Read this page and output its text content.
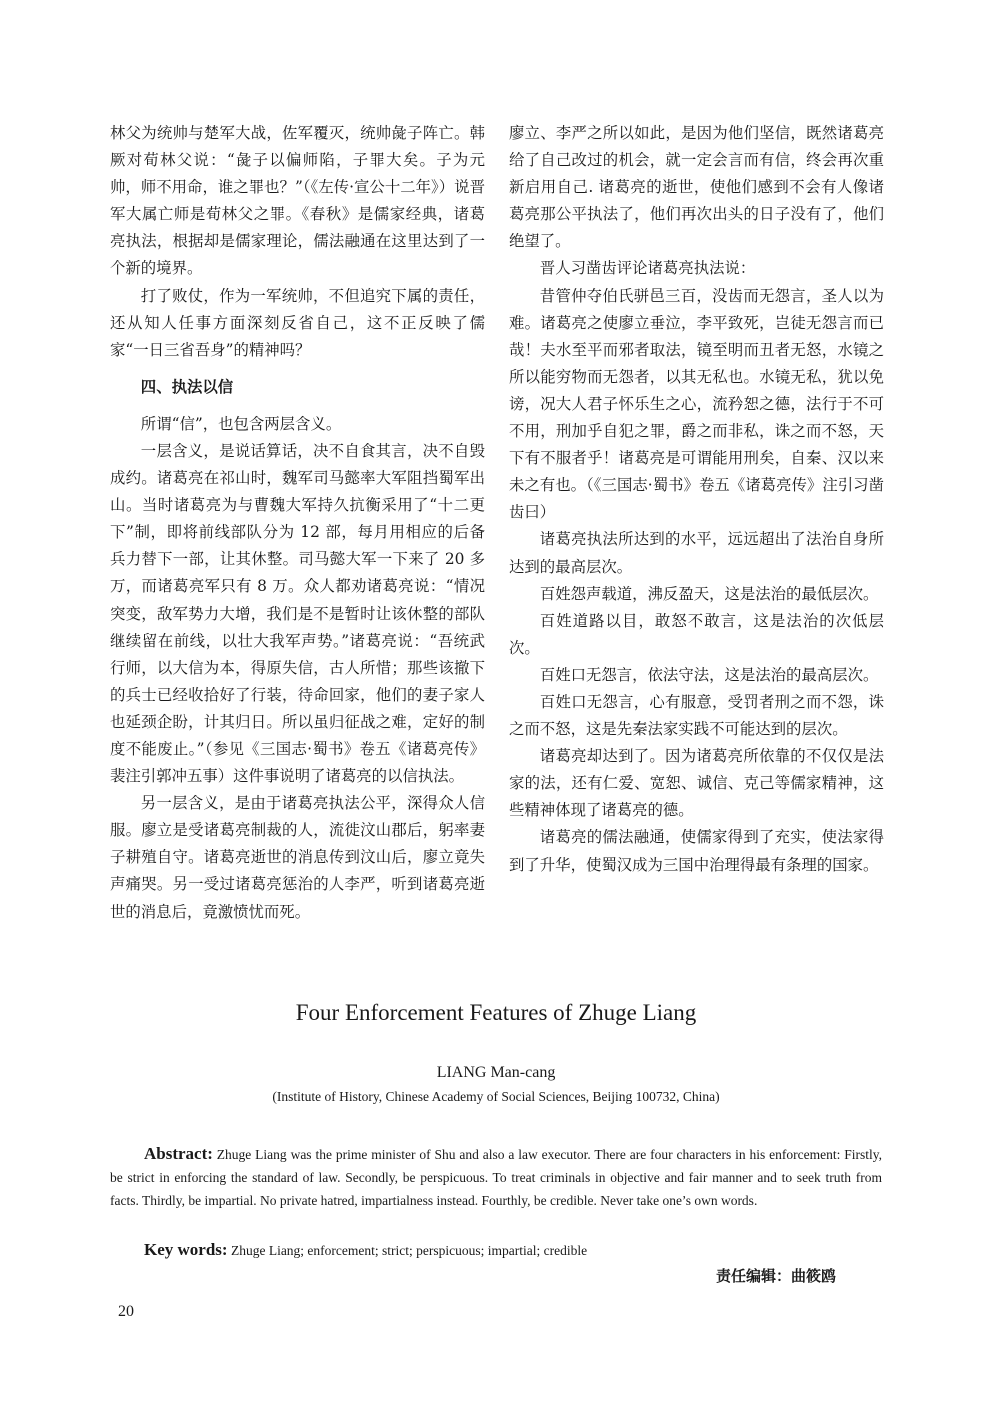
林父为统帅与楚军大战，佐军覆灭，统帅彘子阵亡。韩厥对荀林父说：“彘子以偏师陷，子罪大矣。子为元帅，师不用命，谁之罪也？”（《左传·宣公十二年》）说晋军大属亡师是荀林父之罪。《春秋》是儒家经典，诸葛亮执法，根据却是儒家理论，儒法融通在这里达到了一个新的境界。

打了败仗，作为一军统帅，不但追究下属的责任，还从知人任事方面深刻反省自己，这不正反映了儒家“一日三省吾身”的精神吗？

四、执法以信

所谓“信”，也包含两层含义。

一层含义，是说话算话，决不自食其言，决不自毁成约。诸葛亮在祁山时，魏军司马懿率大军阻挡蜀军出山。当时诸葛亮为与曹魏大军持久抗衡采用了“十二更下”制，即将前线部队分为 12 部，每月用相应的后备兵力替下一部，让其休整。司马懿大军一下来了 20 多万，而诸葛亮军只有 8 万。众人都劝诸葛亮说：“情况突变，敌军势力大增，我们是不是暂时让该休整的部队继续留在前线，以壮大我军声势。”诸葛亮说：“吾统武行师，以大信为本，得原失信，古人所惜；那些该撤下的兵士已经收拾好了行装，待命回家，他们的妻子家人也延颈企盼，计其归日。所以虽归征战之难，定好的制度不能废止。”（参见《三国志·蜀书》卷五《诸葛亮传》裴注引郭冲五事）这件事说明了诸葛亮的以信执法。

另一层含义，是由于诸葛亮执法公平，深得众人信服。廖立是受诸葛亮制裁的人，流徙汶山郡后，躬率妻子耕殖自守。诸葛亮逝世的消息传到汶山后，廖立竟失声痛哭。另一受过诸葛亮惩治的人李严，听到诸葛亮逝世的消息后，竟激愤忧而死。

廖立、李严之所以如此，是因为他们坚信，既然诸葛亮给了自己改过的机会，就一定会言而有信，终会再次重新启用自己. 诸葛亮的逝世，使他们感到不会有人像诸葛亮那公平执法了，他们再次出头的日子没有了，他们绝望了。

晋人习凿齿评论诸葛亮执法说：

昔管仲夺伯氏骈邑三百，没齿而无怨言，圣人以为难。诸葛亮之使廖立垂泣，李平致死，岂徒无怨言而已哉！夫水至平而邪者取法，镜至明而丑者无怒，水镜之所以能穷物而无怨者，以其无私也。水镜无私，犹以免谤，况大人君子怀乐生之心，流矜恕之德，法行于不可不用，刑加乎自犯之罪，爵之而非私，诛之而不怒，天下有不服者乎！诸葛亮是可谓能用刑矣，自秦、汉以来未之有也。（《三国志·蜀书》卷五《诸葛亮传》注引习凿齿曰）

诸葛亮执法所达到的水平，远远超出了法治自身所达到的最高层次。

百姓怨声载道，沸反盈天，这是法治的最低层次。

百姓道路以目，敢怒不敢言，这是法治的次低层次。

百姓口无怨言，依法守法，这是法治的最高层次。

百姓口无怨言，心有服意，受罚者刑之而不怨，诛之而不怒，这是先秦法家实践不可能达到的层次。

诸葛亮却达到了。因为诸葛亮所依靠的不仅仅是法家的法，还有仁爱、宽恕、诚信、克己等儒家精神，这些精神体现了诸葛亮的德。

诸葛亮的儒法融通，使儒家得到了充实，使法家得到了升华，使蜀汉成为三国中治理得最有条理的国家。

Four Enforcement Features of Zhuge Liang
LIANG Man-cang
(Institute of History, Chinese Academy of Social Sciences, Beijing 100732, China)
Abstract: Zhuge Liang was the prime minister of Shu and also a law executor. There are four characters in his enforcement: Firstly, be strict in enforcing the standard of law. Secondly, be perspicuous. To treat criminals in objective and fair manner and to seek truth from facts. Thirdly, be impartial. No private hatred, impartialness instead. Fourthly, be credible. Never take one’s own words.
Key words: Zhuge Liang; enforcement; strict; perspicuous; impartial; credible
责任编辑：曲筱鸥
20
